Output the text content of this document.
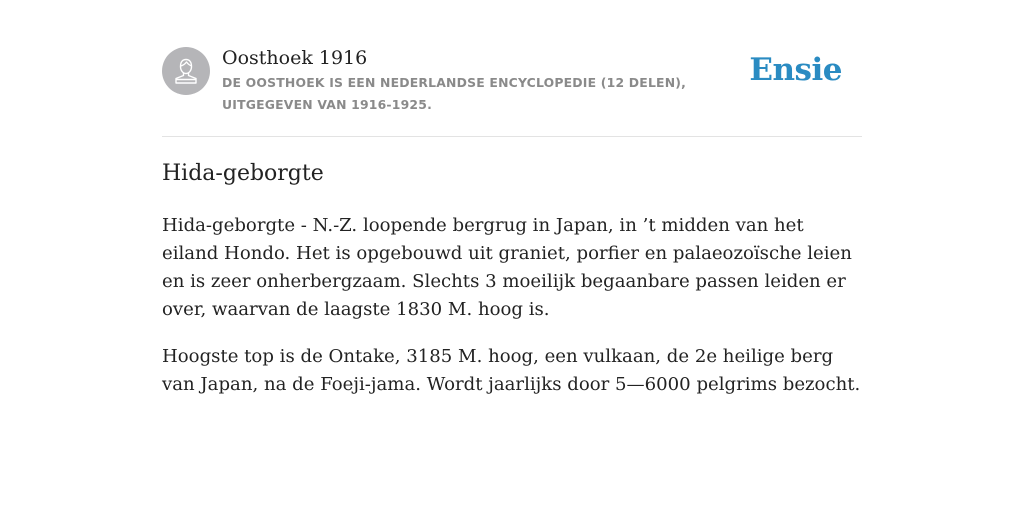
Oosthoek 1916
DE OOSTHOEK IS EEN NEDERLANDSE ENCYCLOPEDIE (12 DELEN), UITGEGEVEN VAN 1916-1925.
Ensie
Hida-geborgte

Hida-geborgte - N.-Z. loopende bergrug in Japan, in ’t midden van het eiland Hondo. Het is opgebouwd uit graniet, porfier en palaeozoïsche leien en is zeer onherbergzaam. Slechts 3 moeilijk begaanbare passen leiden er over, waarvan de laagste 1830 M. hoog is.

Hoogste top is de Ontake, 3185 M. hoog, een vulkaan, de 2e heilige berg van Japan, na de Foeji-jama. Wordt jaarlijks door 5—6000 pelgrims bezocht.
